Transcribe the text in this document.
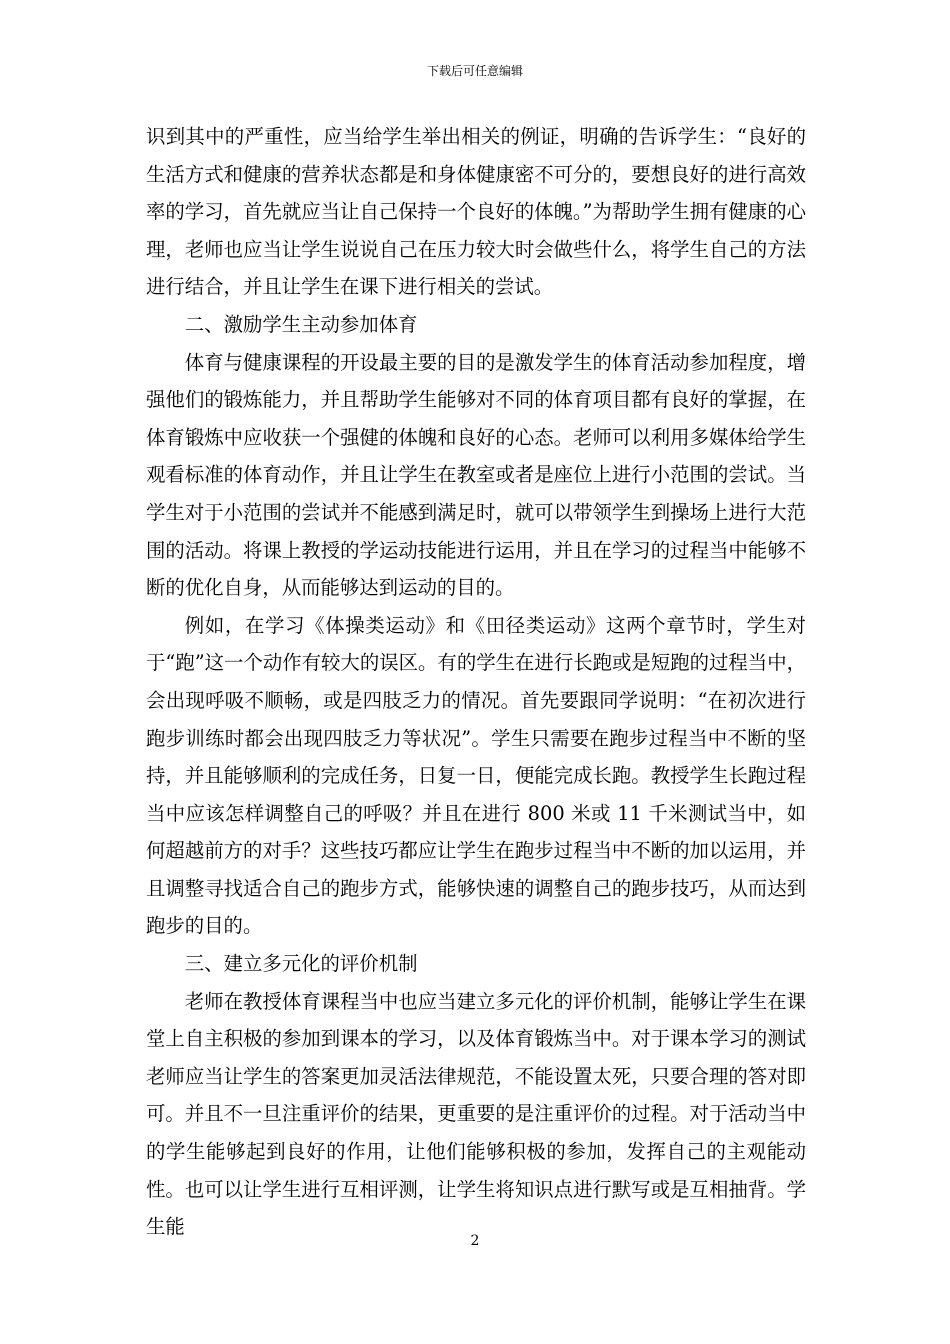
下载后可任意编辑

识到其中的严重性，应当给学生举出相关的例证，明确的告诉学生：“良好的生活方式和健康的营养状态都是和身体健康密不可分的，要想良好的进行高效率的学习，首先就应当让自己保持一个良好的体魄。”为帮助学生拥有健康的心理，老师也应当让学生说说自己在压力较大时会做些什么，将学生自己的方法进行结合，并且让学生在课下进行相关的尝试。

二、激励学生主动参加体育

体育与健康课程的开设最主要的目的是激发学生的体育活动参加程度，增强他们的锻炼能力，并且帮助学生能够对不同的体育项目都有良好的掌握，在体育锻炼中应收获一个强健的体魄和良好的心态。老师可以利用多媒体给学生观看标准的体育动作，并且让学生在教室或者是座位上进行小范围的尝试。当学生对于小范围的尝试并不能感到满足时，就可以带领学生到操场上进行大范围的活动。将课上教授的学运动技能进行运用，并且在学习的过程当中能够不断的优化自身，从而能够达到运动的目的。

例如，在学习《体操类运动》和《田径类运动》这两个章节时，学生对于“跑”这一个动作有较大的误区。有的学生在进行长跑或是短跑的过程当中，会出现呼吸不顺畅，或是四肢乏力的情况。首先要跟同学说明：“在初次进行跑步训练时都会出现四肢乏力等状况”。学生只需要在跑步过程当中不断的坚持，并且能够顺利的完成任务，日复一日，便能完成长跑。教授学生长跑过程当中应该怎样调整自己的呼吸？并且在进行 800 米或 11 千米测试当中，如何超越前方的对手？这些技巧都应让学生在跑步过程当中不断的加以运用，并且调整寻找适合自己的跑步方式，能够快速的调整自己的跑步技巧，从而达到跑步的目的。

三、建立多元化的评价机制

老师在教授体育课程当中也应当建立多元化的评价机制，能够让学生在课堂上自主积极的参加到课本的学习，以及体育锻炼当中。对于课本学习的测试老师应当让学生的答案更加灵活法律规范，不能设置太死，只要合理的答对即可。并且不一旦注重评价的结果，更重要的是注重评价的过程。对于活动当中的学生能够起到良好的作用，让他们能够积极的参加，发挥自己的主观能动性。也可以让学生进行互相评测，让学生将知识点进行默写或是互相抽背。学生能

2
